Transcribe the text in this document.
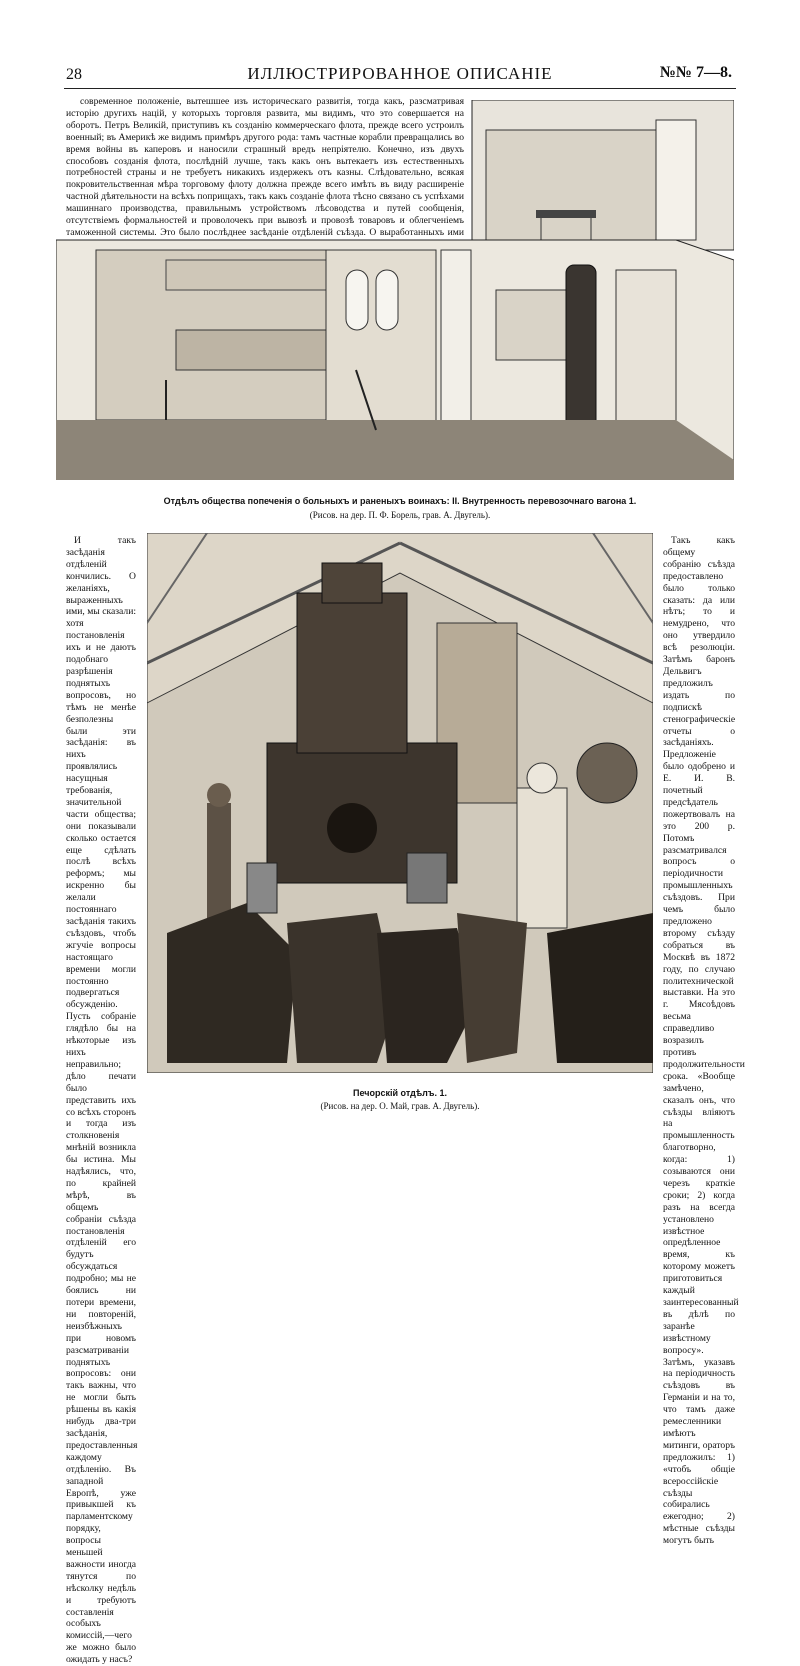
28	ИЛЛЮСТРИРОВАННОЕ ОПИСАНІЕ	№№ 7—8.

современное положеніе, вытешшее изъ историческаго развитія, тогда какъ, разсматривая исторію другихъ націй, у которыхъ торговля развита, мы видимъ, что это совершается на оборотъ. Петръ Великій, приступивъ къ созданію коммерческаго флота, прежде всего устроилъ военный; въ Америкѣ же видимъ примѣръ другого рода: тамъ частные корабли превращались во время войны въ каперовъ и наносили страшный вредъ непріятелю. Конечно, изъ двухъ способовъ созданія флота, послѣдній лучше, такъ какъ онъ вытекаетъ изъ естественныхъ потребностей страны и не требуетъ никакихъ издержекъ отъ казны. Слѣдовательно, всякая покровительственная мѣра торговому флоту должна прежде всего имѣть въ виду расширеніе частной дѣятельности на всѣхъ поприщахъ, такъ какъ созданіе флота тѣсно связано съ успѣхами машиннаго производства, правильнымъ устройствомъ лѣсоводства и путей сообщенія, отсутствіемъ формальностей и проволочекъ при вывозѣ и провозѣ товаровъ и облегченіемъ таможенной системы. Это было послѣднее засѣданіе отдѣленій съѣзда. О выработанныхъ ими

Отдѣлъ общества попеченія о больныхъ и раненыхъ воинахъ: II. Внутренность перевозочнаго вагона 1.
(Рисов. на дер. П. Ф. Борель, грав. А. Двугель).

И такъ засѣданія отдѣленій кончились. О желаніяхъ, выраженныхъ ими, мы сказали: хотя постановленія ихъ и не даютъ подобнаго разрѣшенія поднятыхъ вопросовъ, но тѣмъ не менѣе безполезны были эти засѣданія: въ нихъ проявлялись насущныя требованія, значительной части общества; они показывали сколько остается еще сдѣлать послѣ всѣхъ реформъ; мы искренно бы желали постояннаго засѣданія такихъ съѣздовъ, чтобъ жгучіе вопросы настоящаго времени могли постоянно подвергаться обсужденію. Пусть собраніе глядѣло бы на нѣкоторые изъ нихъ неправильно; дѣло печати было представить ихъ со всѣхъ сторонъ и тогда изъ столкновенія мнѣній возникла бы истина. Мы надѣялись, что, по крайней мѣрѣ, въ общемъ собраніи съѣзда постановленія отдѣленій его будутъ обсуждаться подробно; мы не боялись ни потери времени, ни повтореній, неизбѣжныхъ при новомъ разсматриваніи поднятыхъ вопросовъ: они такъ важны, что не могли быть рѣшены въ какія нибудь два-три засѣданія, предоставленныя каждому отдѣленію. Въ западной Европѣ, уже привыкшей къ парламентскому порядку, вопросы меньшей важности иногда тянутся по нѣсколку недѣль и требуютъ составленія особыхъ комиссій,—чего же можно было ожидать у насъ?

Печорскій отдѣлъ. 1.
(Рисов. на дер. О. Май, грав. А. Двугель).

Такъ какъ общему собранію съѣзда предоставлено было только сказать: да или нѣтъ; то и немудрено, что оно утвердило всѣ резолюціи. Затѣмъ баронъ Дельвигъ предложилъ издать по подпискѣ стенографическіе отчеты о засѣданіяхъ. Предложеніе было одобрено и Е. И. В. почетный предсѣдатель пожертвовалъ на это 200 р. Потомъ разсматривался вопросъ о періодичности промышленныхъ съѣздовъ. При чемъ было предложено второму съѣзду собраться въ Москвѣ въ 1872 году, по случаю политехнической выставки. На это г. Мясоѣдовъ весьма справедливо возразилъ противъ продолжительности срока. «Вообще замѣчено, сказалъ онъ, что съѣзды вліяютъ на промышленность благотворно, когда: 1) созываются они черезъ краткіе сроки; 2) когда разъ на всегда установлено извѣстное опредѣленное время, къ которому можетъ приготовиться каждый заинтересованный въ дѣлѣ по заранѣе извѣстному вопросу». Затѣмъ, указавъ на періодичность съѣздовъ въ Германіи и на то, что тамъ даже ремесленники имѣютъ митинги, ораторъ предложилъ: 1) «чтобъ общіе всероссійскіе съѣзды собирались ежегодно; 2) мѣстные съѣзды могутъ быть
